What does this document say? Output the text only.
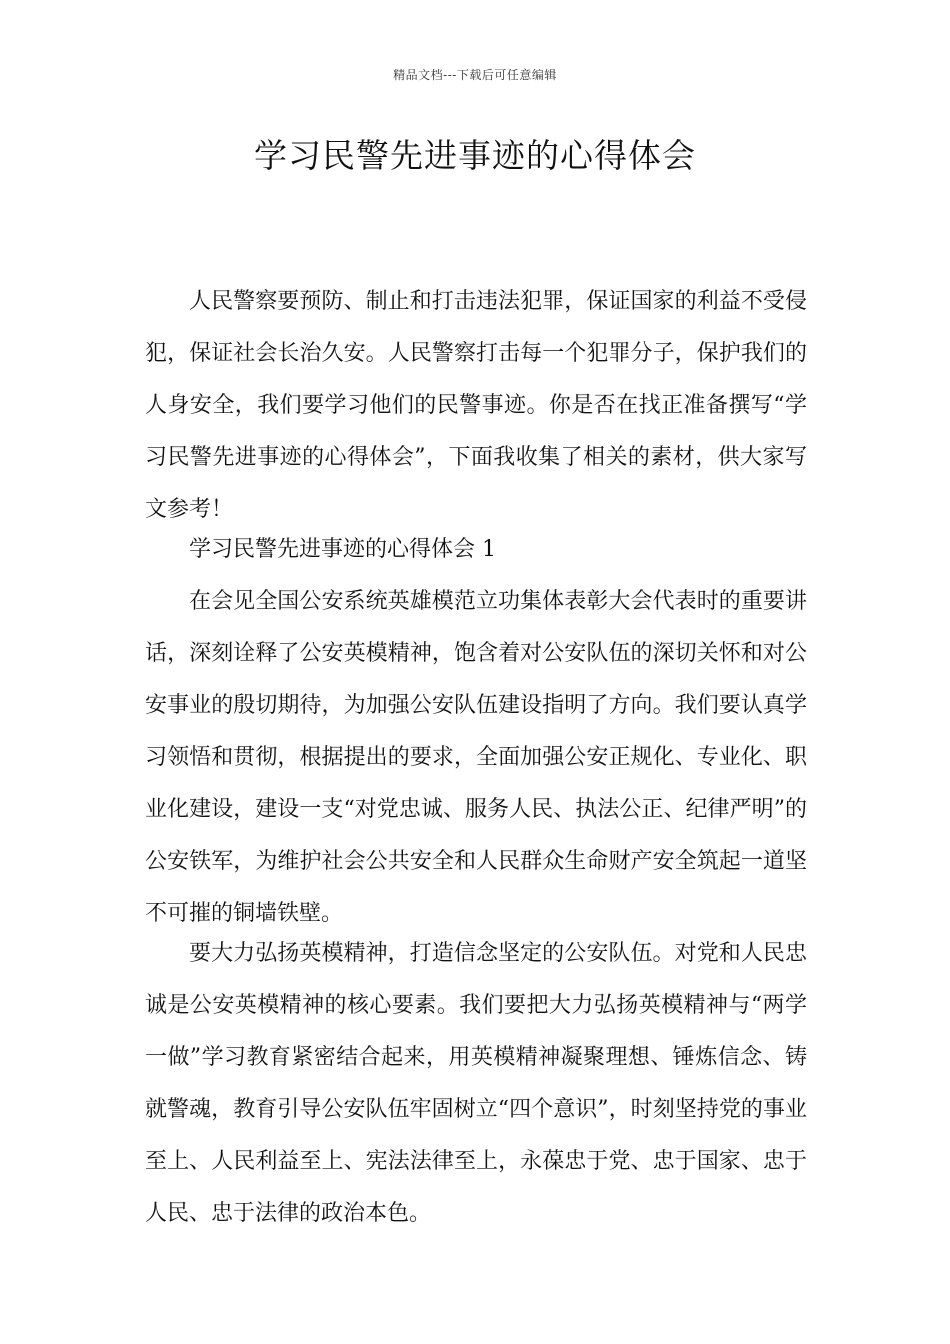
精品文档---下载后可任意编辑
学习民警先进事迹的心得体会

人民警察要预防、制止和打击违法犯罪，保证国家的利益不受侵犯，保证社会长治久安。人民警察打击每一个犯罪分子，保护我们的人身安全，我们要学习他们的民警事迹。你是否在找正准备撰写“学习民警先进事迹的心得体会”，下面我收集了相关的素材，供大家写文参考！

学习民警先进事迹的心得体会 1

在会见全国公安系统英雄模范立功集体表彰大会代表时的重要讲话，深刻诠释了公安英模精神，饱含着对公安队伍的深切关怀和对公安事业的殷切期待，为加强公安队伍建设指明了方向。我们要认真学习领悟和贯彻，根据提出的要求，全面加强公安正规化、专业化、职业化建设，建设一支“对党忠诚、服务人民、执法公正、纪律严明”的公安铁军，为维护社会公共安全和人民群众生命财产安全筑起一道坚不可摧的铜墙铁壁。

要大力弘扬英模精神，打造信念坚定的公安队伍。对党和人民忠诚是公安英模精神的核心要素。我们要把大力弘扬英模精神与“两学一做”学习教育紧密结合起来，用英模精神凝聚理想、锤炼信念、铸就警魂，教育引导公安队伍牢固树立“四个意识”，时刻坚持党的事业至上、人民利益至上、宪法法律至上，永葆忠于党、忠于国家、忠于人民、忠于法律的政治本色。
